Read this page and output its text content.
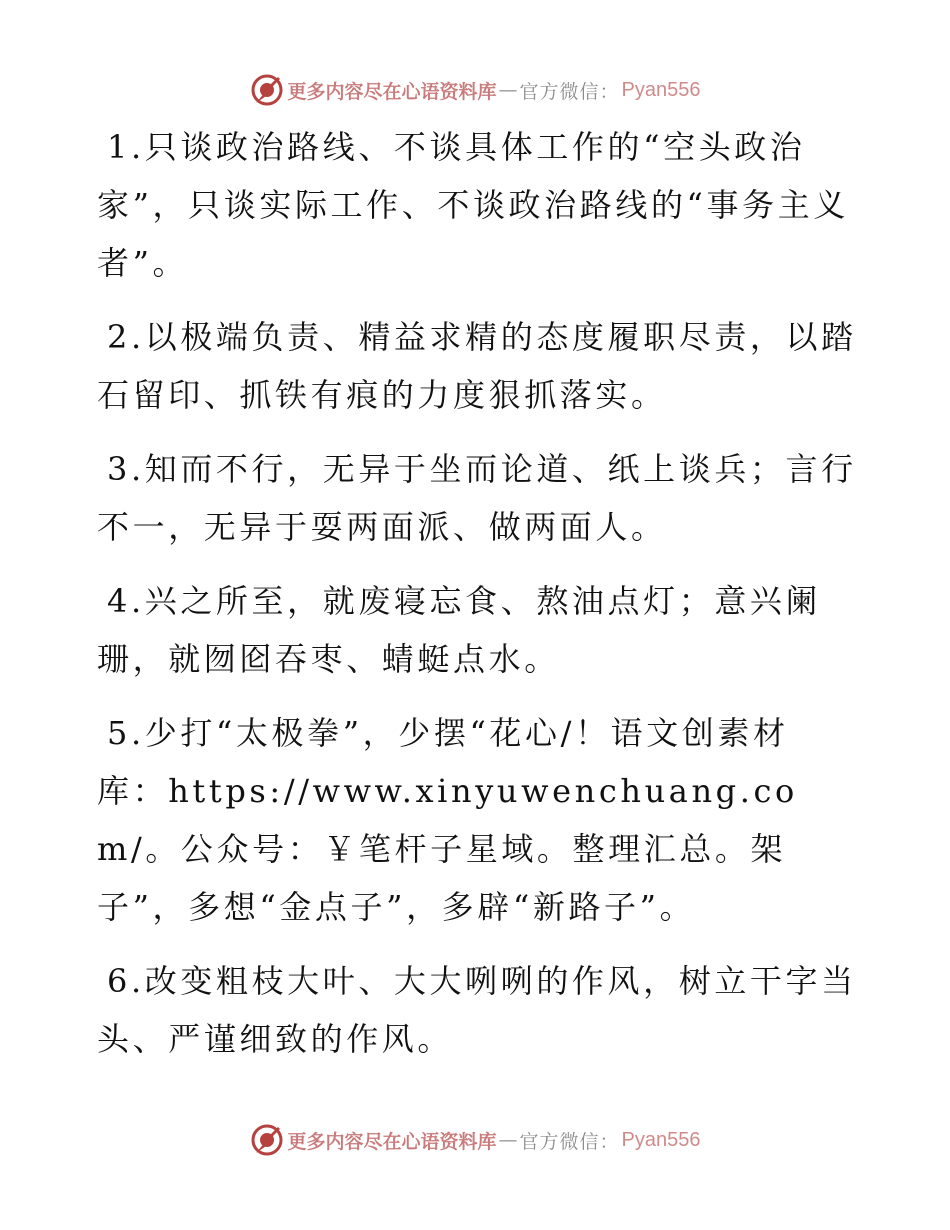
更多内容尽在心语资料库 — 官方微信： Pyan556

1.只谈政治路线、不谈具体工作的“空头政治家”，只谈实际工作、不谈政治路线的“事务主义者”。

2.以极端负责、精益求精的态度履职尽责，以踏石留印、抓铁有痕的力度狠抓落实。

3.知而不行，无异于坐而论道、纸上谈兵；言行不一，无异于耍两面派、做两面人。

4.兴之所至，就废寝忘食、熬油点灯；意兴阑珊，就囫囵吞枣、蜻蜓点水。

5.少打“太极拳”，少摆“花心/！语文创素材库：https://www.xinyuwenchuang.com/。公众号：￥笔杆子星域。整理汇总。架子”，多想“金点子”，多辟“新路子”。

6.改变粗枝大叶、大大咧咧的作风，树立干字当头、严谨细致的作风。

更多内容尽在心语资料库 — 官方微信： Pyan556
